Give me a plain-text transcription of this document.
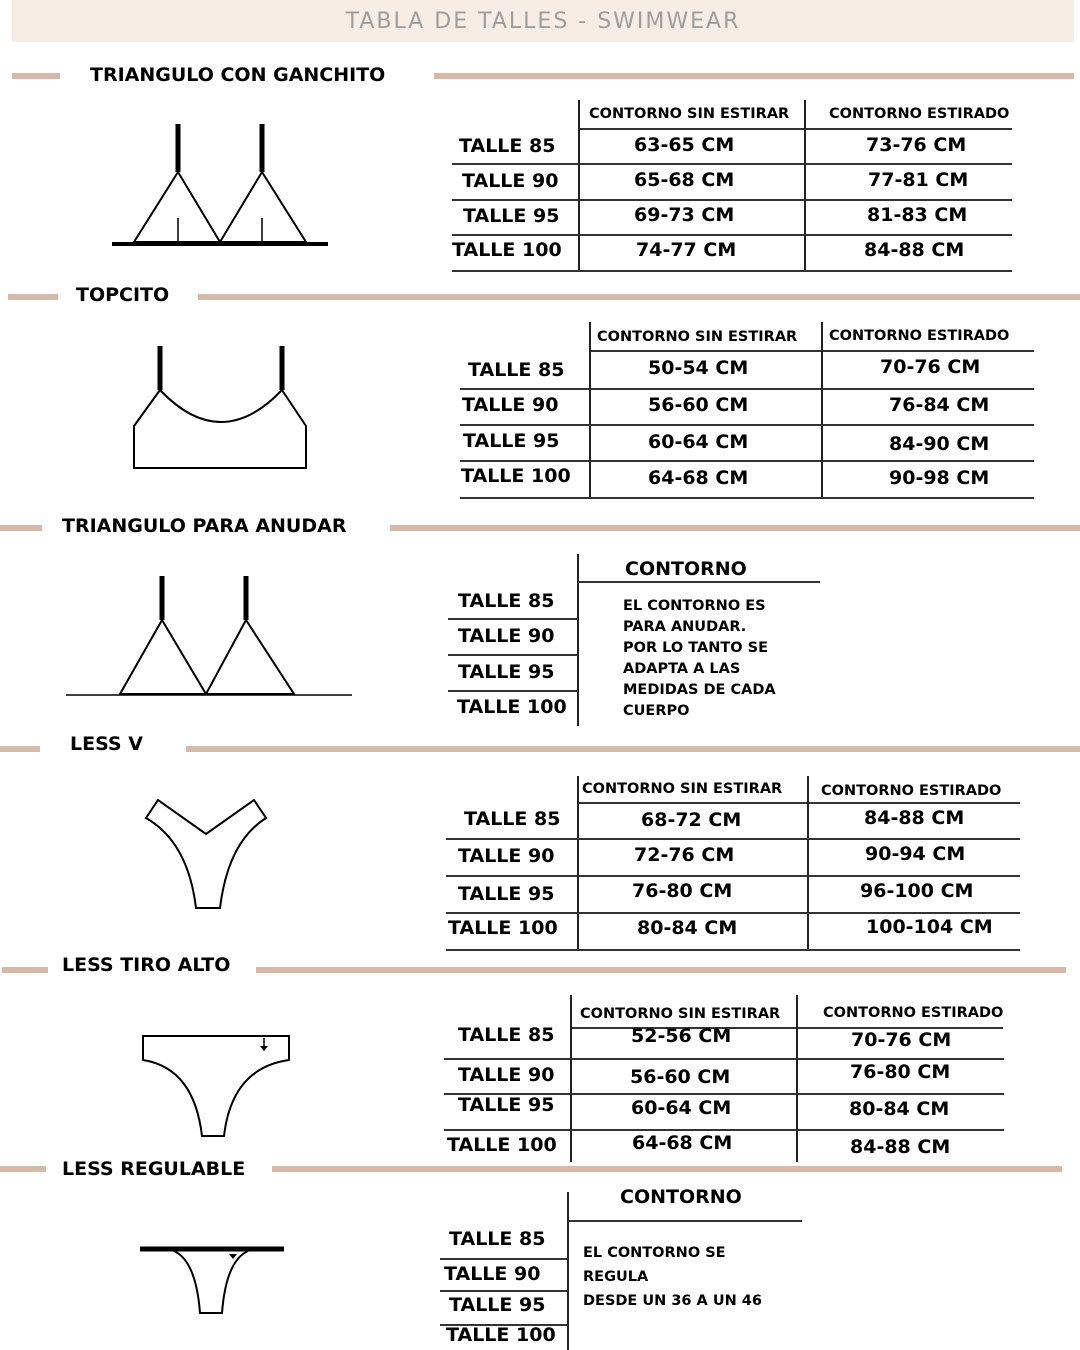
TABLA DE TALLES - SWIMWEAR
TRIANGULO CON GANCHITO
CONTORNO SIN ESTIRAR	CONTORNO ESTIRADO
TALLE 85	63-65 CM	73-76 CM
TALLE 90	65-68 CM	77-81 CM
TALLE 95	69-73 CM	81-83 CM
TALLE 100	74-77 CM	84-88 CM
TOPCITO
CONTORNO SIN ESTIRAR CONTORNO ESTIRADO
TALLE 85	50-54 CM	70-76 CM
TALLE 90	56-60 CM	76-84 CM
TALLE 95	60-64 CM	84-90 CM
TALLE 100	64-68 CM	90-98 CM
TRIANGULO PARA ANUDAR
CONTORNO
TALLE 85
TALLE 90
TALLE 95
TALLE 100
EL CONTORNO ES
PARA ANUDAR.
POR LO TANTO SE
ADAPTA A LAS
MEDIDAS DE CADA
CUERPO
LESS V
CONTORNO SIN ESTIRAR	CONTORNO ESTIRADO
TALLE 85	68-72 CM	84-88 CM
TALLE 90	72-76 CM	90-94 CM
TALLE 95	76-80 CM	96-100 CM
TALLE 100	80-84 CM	100-104 CM
LESS TIRO ALTO
CONTORNO SIN ESTIRAR	CONTORNO ESTIRADO
TALLE 85	52-56 CM	70-76 CM
TALLE 90	56-60 CM	76-80 CM
TALLE 95	60-64 CM	80-84 CM
TALLE 100	64-68 CM	84-88 CM
LESS REGULABLE
CONTORNO
TALLE 85
TALLE 90
TALLE 95
TALLE 100
EL CONTORNO SE
REGULA
DESDE UN 36 A UN 46
